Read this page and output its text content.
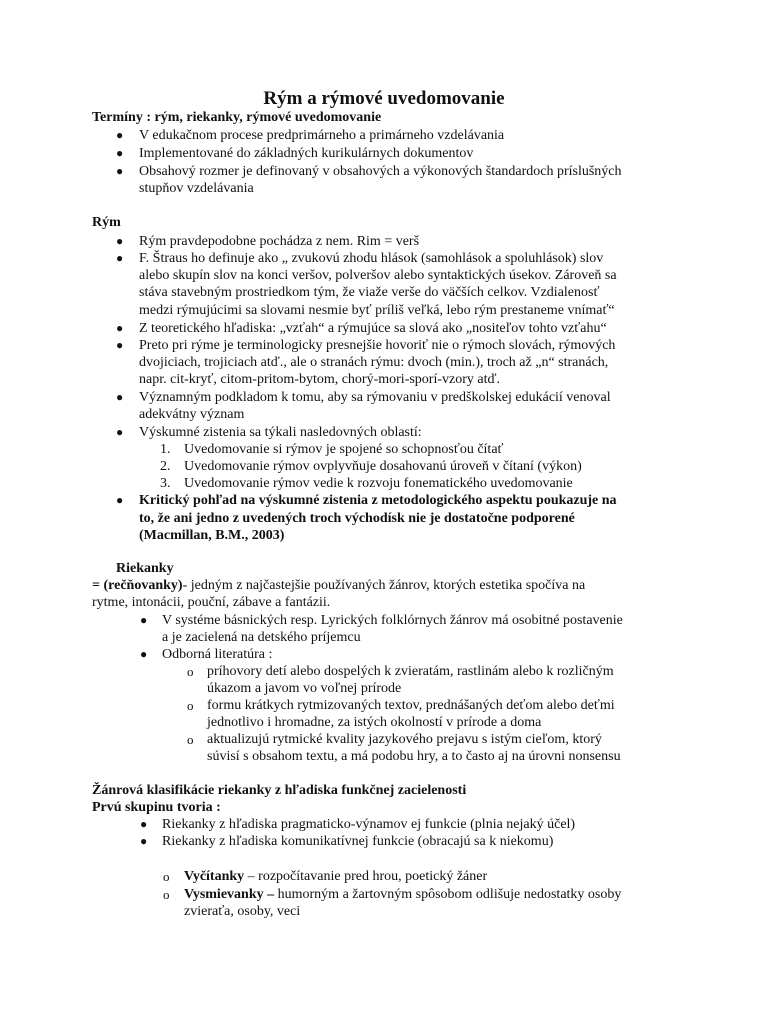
Rým a rýmové uvedomovanie
Termíny : rým, riekanky, rýmové uvedomovanie
● V edukačnom procese predprimárneho a primárneho vzdelávania
● Implementované do základných kurikulárnych dokumentov
● Obsahový rozmer je definovaný v obsahových a výkonových štandardoch príslušných
stupňov vzdelávania
Rým
● Rým pravdepodobne pochádza z nem. Rim = verš
● F. Štraus ho definuje ako „ zvukovú zhodu hlások (samohlások a spoluhlások) slov
alebo skupín slov na konci veršov, polveršov alebo syntaktických úsekov. Zároveň sa
stáva stavebným prostriedkom tým, že viaže verše do väčších celkov. Vzdialenosť
medzi rýmujúcimi sa slovami nesmie byť príliš veľká, lebo rým prestaneme vnímať“
● Z teoretického hľadiska: „vzťah“ a rýmujúce sa slová ako „nositeľov tohto vzťahu“
● Preto pri rýme je terminologicky presnejšie hovoriť nie o rýmoch slovách, rýmových
dvojiciach, trojiciach atď., ale o stranách rýmu: dvoch (min.), troch až „n“ stranách,
napr. cit-kryť, citom-pritom-bytom, chorý-mori-sporí-vzory atď.
● Významným podkladom k tomu, aby sa rýmovaniu v predškolskej edukácií venoval
adekvátny význam
● Výskumné zistenia sa týkali nasledovných oblastí:
1. Uvedomovanie si rýmov je spojené so schopnosťou čítať
2. Uvedomovanie rýmov ovplyvňuje dosahovanú úroveň v čítaní (výkon)
3. Uvedomovanie rýmov vedie k rozvoju fonematického uvedomovanie
● Kritický pohľad na výskumné zistenia z metodologického aspektu poukazuje na
to, že ani jedno z uvedených troch východísk nie je dostatočne podporené
(Macmillan, B.M., 2003)
Riekanky
= (rečňovanky)- jedným z najčastejšie používaných žánrov, ktorých estetika spočíva na
rytme, intonácii, pouční, zábave a fantázii.
● V systéme básnických resp. Lyrických folklórnych žánrov má osobitné postavenie
a je zacielená na detského príjemcu
● Odborná literatúra :
o príhovory detí alebo dospelých k zvieratám, rastlinám alebo k rozličným
úkazom a javom vo voľnej prírode
o formu krátkych rytmizovaných textov, prednášaných deťom alebo deťmi
jednotlivo i hromadne, za istých okolností v prírode a doma
o aktualizujú rytmické kvality jazykového prejavu s istým cieľom, ktorý
súvisí s obsahom textu, a má podobu hry, a to často aj na úrovni nonsensu
Žánrová klasifikácie riekanky z hľadiska funkčnej zacielenosti
Prvú skupinu tvoria :
● Riekanky z hľadiska pragmaticko-výnamov ej funkcie (plnia nejaký účel)
● Riekanky z hľadiska komunikatívnej funkcie (obracajú sa k niekomu)
o Vyčítanky – rozpočítavanie pred hrou, poetický žáner
o Vysmievanky – humorným a žartovným spôsobom odlišuje nedostatky osoby
zvieraťa, osoby, veci
